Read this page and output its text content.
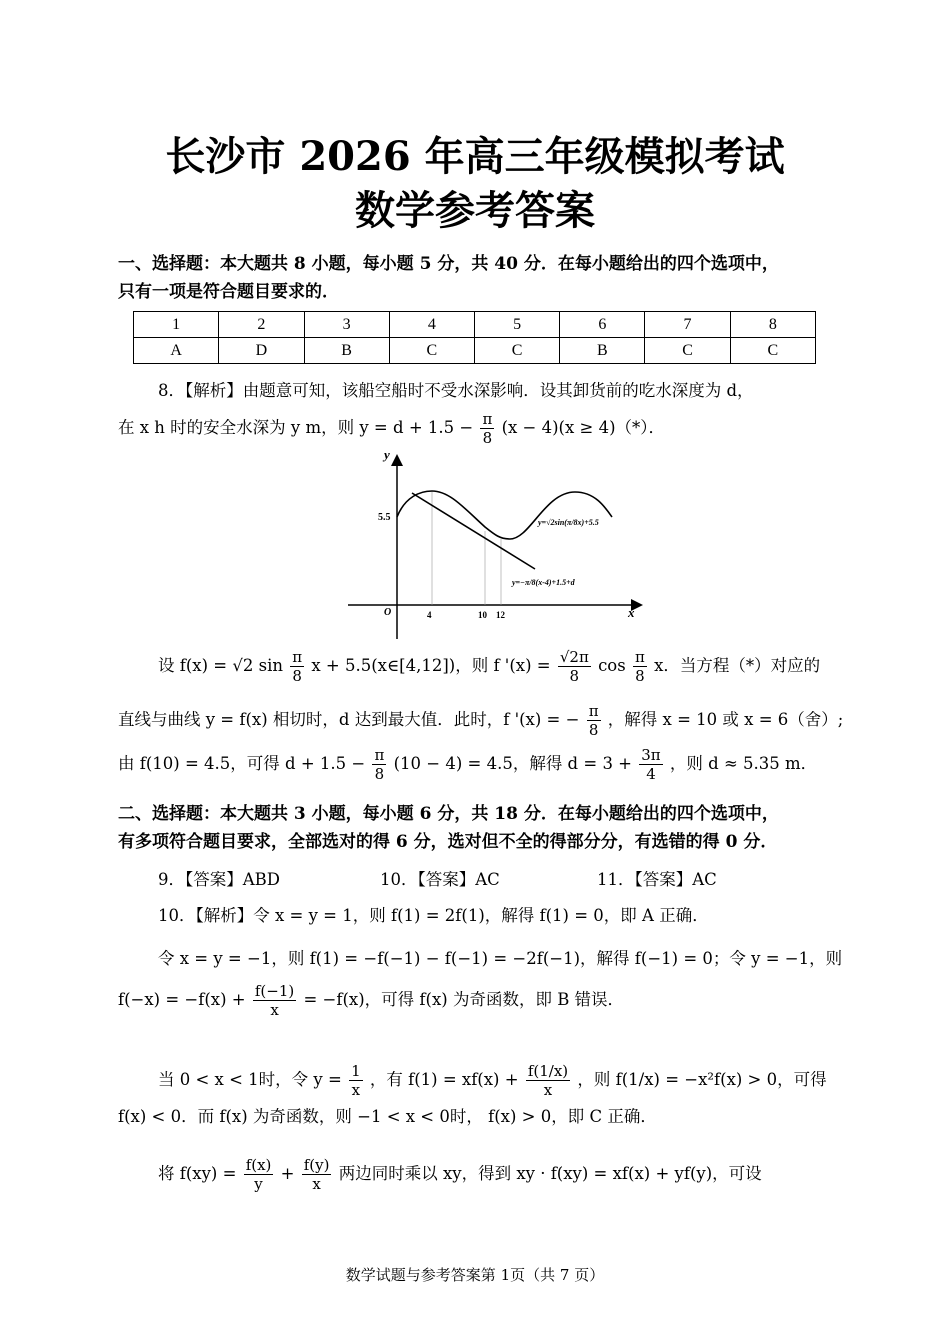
长沙市 2026 年高三年级模拟考试
数学参考答案
一、选择题：本大题共 8 小题，每小题 5 分，共 40 分．在每小题给出的四个选项中，
只有一项是符合题目要求的．
1	2	3	4	5	6	7	8
A	D	B	C	C	B	C	C
8．【解析】由题意可知，该船空船时不受水深影响．设其卸货前的吃水深度为 d，
在 x h 时的安全水深为 y m，则 $y = d + 1.5 - \frac{\pi}{8} (x - 4)(x \ge 4)(*)$．
y
x
O
5.5
4	10 12
y=√2sin(π/8x)+5.5
y=−π/8(x-4)+1.5+d
设 f(x) = √2 $\sin \frac{\pi}{8}$ x + 5.5(x∈[4,12])，则 f '$(x) = \frac{√2\pi}{8}$ $\cos \frac{\pi}{8}$ x．当方程（*）对应的
直线与曲线 y = f(x) 相切时，d 达到最大值．此时，f '(x) = − $\frac{\pi}{8}$ ，解得 x = 10 或 x = 6（舍）;
由 f(10) = 4.5，可得 $d + 1.5 - \frac{\pi}{8} (10 - 4) = 4.5$，解得 $d = 3 + \frac{3\pi}{4}$ ，则 d ≈ 5.35 m．
二、选择题：本大题共 3 小题，每小题 6 分，共 18 分．在每小题给出的四个选项中，
有多项符合题目要求，全部选对的得 6 分，选对但不全的得部分分，有选错的得 0 分．
9．【答案】ABD	10．【答案】AC	11．【答案】AC
10．【解析】令 x = y = 1，则 f(1) = 2f(1)，解得 f(1) = 0，即 A 正确．
令 x = y = −1，则 f(1) = −f(−1) − f(−1) = −2f(−1)，解得 f(−1) = 0；令 y = −1，则
$f(-x) = -f(x) + \frac{f(-1)}{x} = -f(x)$，可得 f(x) 为奇函数，即 B 错误．
当 0 < x < 1时，令 $y = \frac{1}{x}$ ，有 $f(1) = xf(x) + \frac{f(1/x)}{x}$ ，则 f(1/x) = −x²f(x) > 0，可得
f(x) < 0．而 f(x) 为奇函数，则 −1 < x < 0时， f(x) > 0，即 C 正确．
将 $f(xy) = \frac{f(x)}{y} + \frac{f(y)}{x}$ 两边同时乘以 xy，得到 xy · f(xy) = xf(x) + yf(y)，可设
数学试题与参考答案第 1页（共 7 页）
